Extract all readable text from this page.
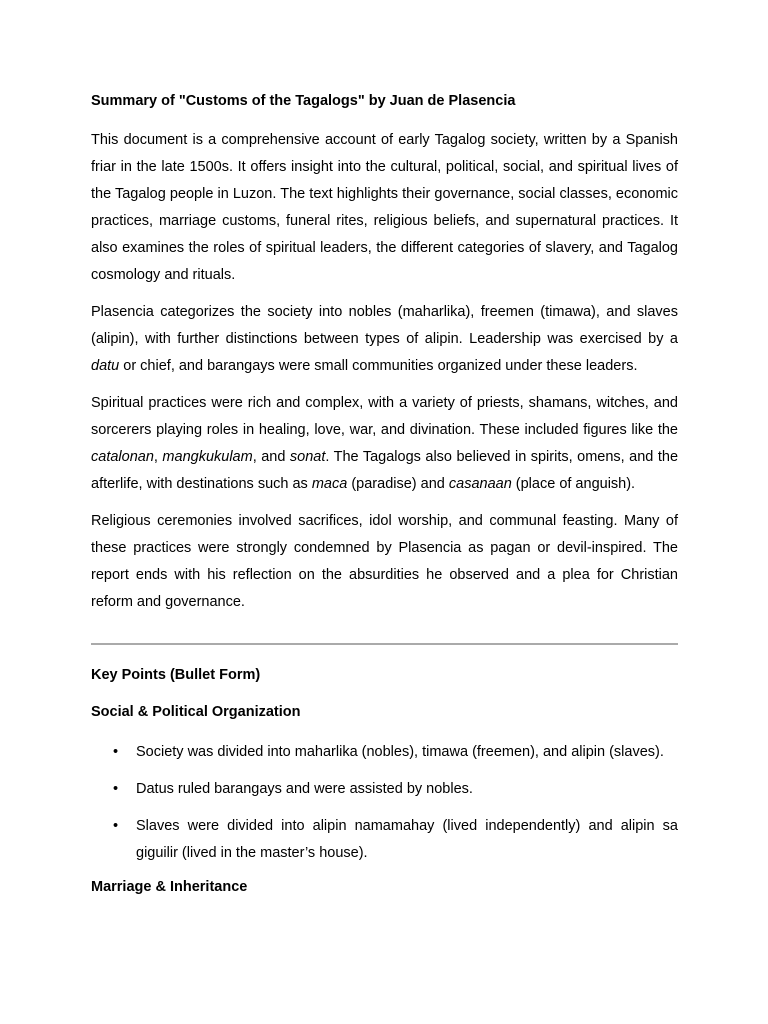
Summary of "Customs of the Tagalogs" by Juan de Plasencia

This document is a comprehensive account of early Tagalog society, written by a Spanish friar in the late 1500s. It offers insight into the cultural, political, social, and spiritual lives of the Tagalog people in Luzon. The text highlights their governance, social classes, economic practices, marriage customs, funeral rites, religious beliefs, and supernatural practices. It also examines the roles of spiritual leaders, the different categories of slavery, and Tagalog cosmology and rituals.

Plasencia categorizes the society into nobles (maharlika), freemen (timawa), and slaves (alipin), with further distinctions between types of alipin. Leadership was exercised by a datu or chief, and barangays were small communities organized under these leaders.

Spiritual practices were rich and complex, with a variety of priests, shamans, witches, and sorcerers playing roles in healing, love, war, and divination. These included figures like the catalonan, mangkukulam, and sonat. The Tagalogs also believed in spirits, omens, and the afterlife, with destinations such as maca (paradise) and casanaan (place of anguish).

Religious ceremonies involved sacrifices, idol worship, and communal feasting. Many of these practices were strongly condemned by Plasencia as pagan or devil-inspired. The report ends with his reflection on the absurdities he observed and a plea for Christian reform and governance.

Key Points (Bullet Form)
Social & Political Organization
• Society was divided into maharlika (nobles), timawa (freemen), and alipin (slaves).
• Datus ruled barangays and were assisted by nobles.
• Slaves were divided into alipin namamahay (lived independently) and alipin sa giguilir (lived in the master’s house).
Marriage & Inheritance
